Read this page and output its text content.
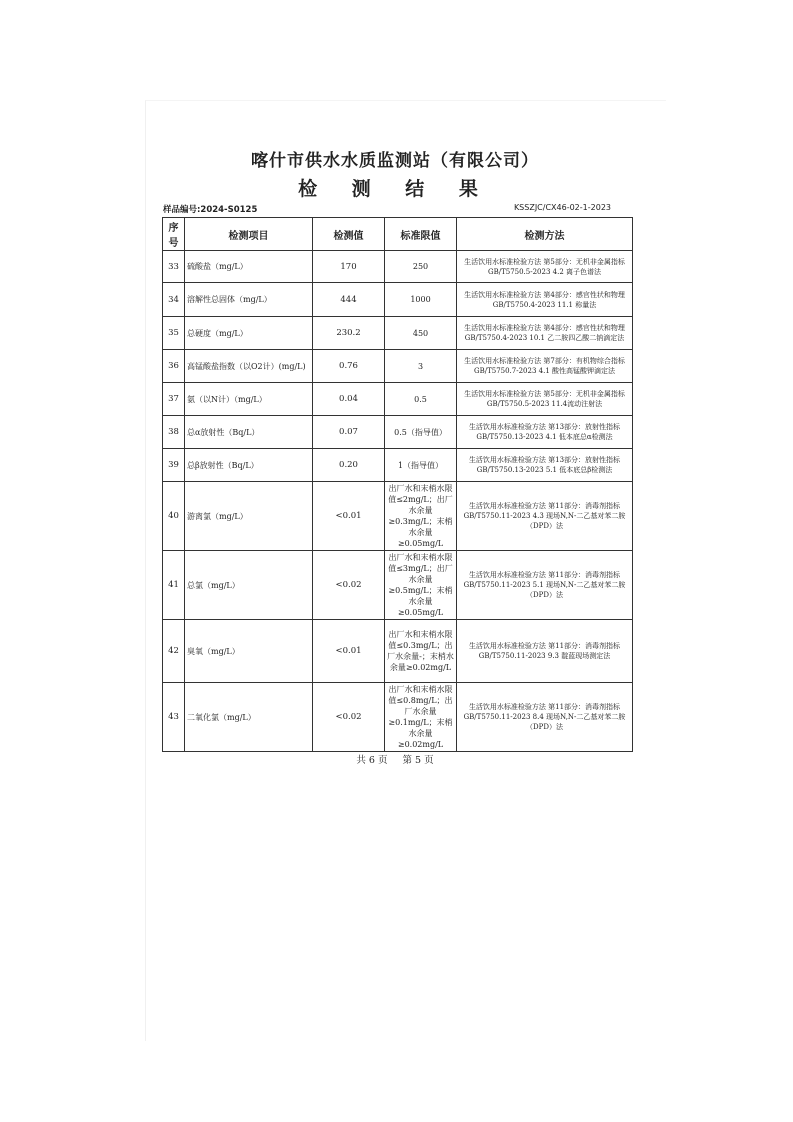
喀什市供水水质监测站（有限公司）
检 测 结 果
样品编号:2024-S0125	KSSZJC/CX46-02-1-2023
序号	检测项目	检测值	标准限值	检测方法
33	硫酸盐（mg/L）	170	250	生活饮用水标准检验方法 第5部分：无机非金属指标 GB/T5750.5-2023 4.2 离子色谱法
34	溶解性总固体（mg/L）	444	1000	生活饮用水标准检验方法 第4部分：感官性状和物理GB/T5750.4-2023 11.1 称量法
35	总硬度（mg/L）	230.2	450	生活饮用水标准检验方法 第4部分：感官性状和物理GB/T5750.4-2023 10.1 乙二胺四乙酸二钠滴定法
36	高锰酸盐指数（以O2计）(mg/L)	0.76	3	生活饮用水标准检验方法 第7部分：有机物综合指标 GB/T5750.7-2023 4.1 酸性高锰酸钾滴定法
37	氨（以N计）（mg/L）	0.04	0.5	生活饮用水标准检验方法 第5部分：无机非金属指标 GB/T5750.5-2023 11.4流动注射法
38	总α放射性（Bq/L）	0.07	0.5（指导值）	生活饮用水标准检验方法 第13部分：放射性指标GB/T5750.13-2023 4.1 低本底总α检测法
39	总β放射性（Bq/L）	0.20	1（指导值）	生活饮用水标准检验方法 第13部分：放射性指标GB/T5750.13-2023 5.1 低本底总β检测法
40	游离氯（mg/L）	<0.01	出厂水和末梢水限值≤2mg/L；出厂水余量≥0.3mg/L；末梢水余量≥0.05mg/L	生活饮用水标准检验方法 第11部分：消毒剂指标 GB/T5750.11-2023 4.3 现场N,N-二乙基对苯二胺（DPD）法
41	总氯（mg/L）	<0.02	出厂水和末梢水限值≤3mg/L；出厂水余量≥0.5mg/L；末梢水余量≥0.05mg/L	生活饮用水标准检验方法 第11部分：消毒剂指标 GB/T5750.11-2023 5.1 现场N,N-二乙基对苯二胺（DPD）法
42	臭氧（mg/L）	<0.01	出厂水和末梢水限值≤0.3mg/L；出厂水余量-；末梢水余量≥0.02mg/L	生活饮用水标准检验方法 第11部分：消毒剂指标 GB/T5750.11-2023 9.3 靛蓝现场测定法
43	二氧化氯（mg/L）	<0.02	出厂水和末梢水限值≤0.8mg/L；出厂水余量≥0.1mg/L；末梢水余量≥0.02mg/L	生活饮用水标准检验方法 第11部分：消毒剂指标 GB/T5750.11-2023 8.4 现场N,N-二乙基对苯二胺（DPD）法
共 6 页 第 5 页
